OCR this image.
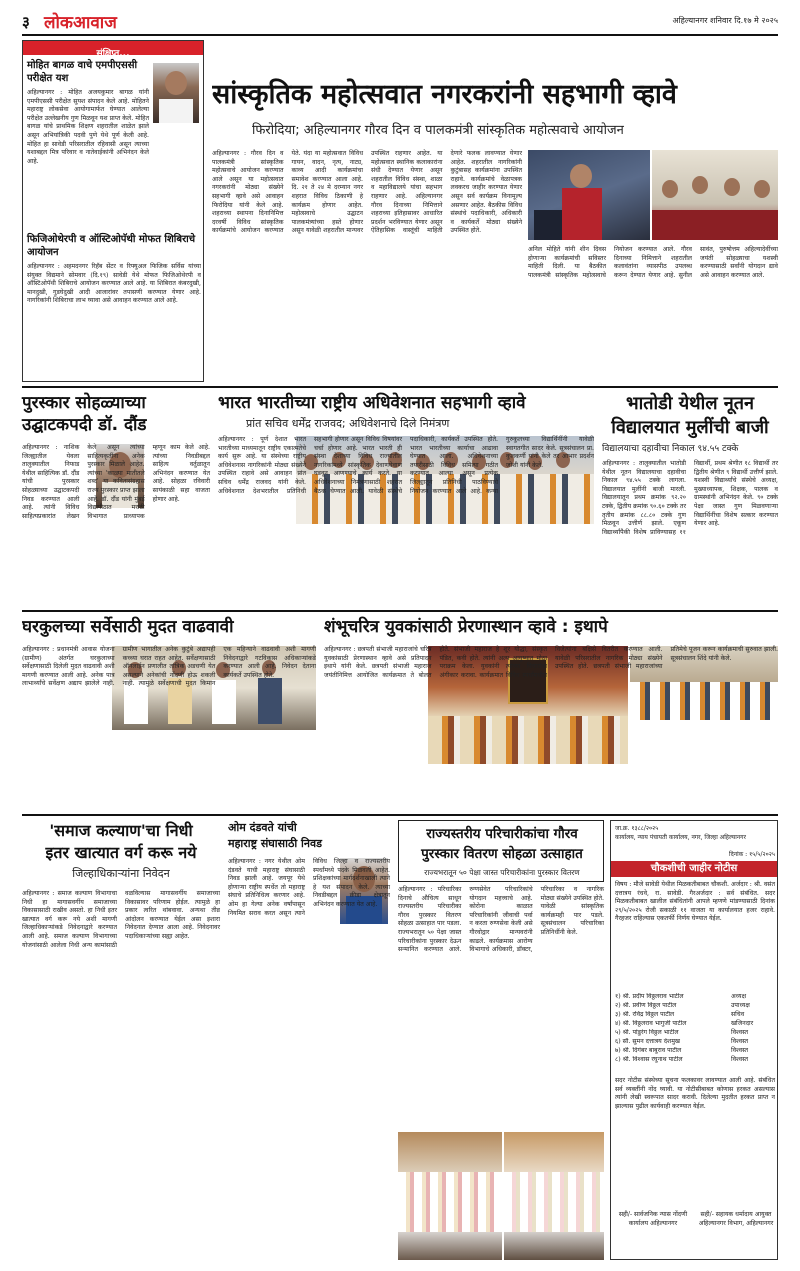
३ लोकआवाज	अहिल्यानगर शनिवार दि.१७ मे २०२५
संक्षिप्त...
मोहित बागळ वाचे एमपीएससी परीक्षेत यश
अहिल्यानगर : मोहित अजयकुमार बागळ यांनी एमपीएससी परीक्षेत सुयश संपादन केले आहे. मोहितने महाराष्ट्र लोकसेवा आयोगामार्फत घेण्यात आलेल्या परीक्षेत उल्लेखनीय गुण मिळवून यश प्राप्त केले. मोहित बागळ यांचे प्राथमिक शिक्षण शहरातील शाळेत झाले असून अभियांत्रिकी पदवी पुणे येथे पूर्ण केली आहे. मोहित हा सावेडी परिसरातील रहिवासी असून त्याच्या यशाबद्दल मित्र परिवार व नातेवाईकांनी अभिनंदन केले आहे.
फिजिओथेरपी व ऑस्टिओपॅथी मोफत शिबिराचे आयोजन
अहिल्यानगर : अहमदनगर रिहॅब सेंटर व रिफ्युअल फिजिक सर्विस यांच्या संयुक्त विद्यमाने सोमवार (दि.१९) सावेडी येथे मोफत फिजिओथेरपी व ऑस्टिओपॅथी शिबिराचे आयोजन करण्यात आले आहे. या शिबिरात कंबरदुखी, मानदुखी, गुडघेदुखी आदी आजारांवर तपासणी करण्यात येणार आहे. नागरिकांनी शिबिराचा लाभ घ्यावा असे आवाहन करण्यात आले आहे.
सांस्कृतिक महोत्सवात नगरकरांनी सहभागी व्हावे
फिरोदिया; अहिल्यानगर गौरव दिन व पालकमंत्री सांस्कृतिक महोत्सवाचे आयोजन
अहिल्यानगर : गौरव दिन व पालकमंत्री सांस्कृतिक महोत्सवाचे आयोजन करण्यात आले असून या महोत्सवात नगरकरांनी मोठ्या संख्येने सहभागी व्हावे असे आवाहन फिरोदिया यांनी केले आहे. शहराच्या स्थापना दिनानिमित्त दरवर्षी विविध सांस्कृतिक कार्यक्रमांचे आयोजन करण्यात येते. यंदा या महोत्सवात विविध गायन, वादन, नृत्य, नाट्य, काव्य आदी कार्यक्रमांचा समावेश करण्यात आला आहे. दि. २१ ते २४ मे दरम्यान नगर शहरात विविध ठिकाणी हे कार्यक्रम होणार आहेत. महोत्सवाचे उद्घाटन पालकमंत्र्यांच्या हस्ते होणार असून यावेळी शहरातील मान्यवर उपस्थित राहणार आहेत. या महोत्सवात स्थानिक कलाकारांना संधी देण्यात येणार असून शहरातील विविध संस्था, शाळा व महाविद्यालये यांचा सहभाग राहणार आहे. अहिल्यानगर गौरव दिनाच्या निमित्ताने शहराच्या इतिहासावर आधारित प्रदर्शन भरविण्यात येणार असून ऐतिहासिक वास्तूंची माहिती देणारे फलक लावण्यात येणार आहेत. शहरातील नागरिकांनी कुटुंबासह कार्यक्रमांना उपस्थित राहावे. कार्यक्रमांचे वेळापत्रक लवकरच जाहीर करण्यात येणार असून सर्व कार्यक्रम विनामूल्य असणार आहेत. बैठकीस विविध संस्थांचे पदाधिकारी, अधिकारी व कार्यकर्ते मोठ्या संख्येने उपस्थित होते.
अनिल मोहिते यांनी शीन दिवस होणाऱ्या कार्यक्रमांची सविस्तर माहिती दिली. या बैठकीत पालकमंत्री सांस्कृतिक महोत्सवाचे नियोजन करण्यात आले. गौरव दिनाच्या निमित्ताने शहरातील कलावंतांना व्यासपीठ उपलब्ध करून देण्यात येणार आहे. सुनील सावंत, पुरुषोत्तम अहिल्यादेवींच्या जयंती सोहळ्याचा यशस्वी करण्यासाठी सर्वांनी योगदान द्यावे असे आवाहन करण्यात आले.
पुरस्कार सोहळ्याच्या
उद्घाटकपदी डॉ. दौंड
अहिल्यानगर : नाशिक जिल्ह्यातील येवला तालुक्यातील निफाड येथील साहित्यिक डॉ. दौंड यांची पुरस्कार सोहळ्याच्या उद्घाटकपदी निवड करण्यात आली आहे. त्यांनी विविध साहित्यप्रकारांत लेखन केले असून त्यांच्या साहित्यकृतींना अनेक पुरस्कार मिळाले आहेत. त्यांच्या 'काळ्या मातीतले शब्द' या कवितासंग्रहास राज्य पुरस्कार प्राप्त झाला आहे. डॉ. दौंड यांनी मुंबई विद्यापीठात मराठी विभागात प्राध्यापक म्हणून काम केले आहे. त्यांच्या निवडीबद्दल साहित्य वर्तुळातून अभिनंदन करण्यात येत आहे. सोहळा रविवारी सायंकाळी सहा वाजता होणार आहे.
भारत भारतीच्या राष्ट्रीय अधिवेशनात सहभागी व्हावे
प्रांत सचिव धर्मेंद्र राजवद; अधिवेशनाचे दिले निमंत्रण
अहिल्यानगर : पूर्ण देशात भारत भारतीच्या माध्यमातून राष्ट्रीय एकात्मतेचे कार्य सुरू आहे. या संस्थेच्या राष्ट्रीय अधिवेशनास नागरिकांनी मोठ्या संख्येने उपस्थित राहावे असे आवाहन प्रांत सचिव धर्मेंद्र राजवद यांनी केले. अधिवेशनात देशभरातील प्रतिनिधी सहभागी होणार असून विविध विषयांवर चर्चा होणार आहे. भारत भारती ही संस्था देशाच्या विविध राज्यांतील नागरिकांमध्ये सांस्कृतिक देवाणघेवाण घडवून आणण्याचे कार्य करते. या अधिवेशनाच्या निमंत्रणासाठी शहरात बैठक घेण्यात आली. यावेळी संस्थेचे पदाधिकारी, कार्यकर्ते उपस्थित होते. भारत भारतीच्या कार्याचा आढावा घेण्यात आला. अधिवेशनाच्या तयारीसाठी विविध समित्या गठीत करण्यात आल्या असून प्रत्येक जिल्ह्यातून प्रतिनिधी पाठविण्याचे नियोजन करण्यात आले आहे. कन्या गुरुकुलच्या विद्यार्थिनींनी यावेळी स्वागतगीत सादर केले. सूत्रसंचालन प्रा. कुलकर्णी यांनी केले तर आभार प्रदर्शन जोशी यांनी केले.
भातोडी येथील नूतन
विद्यालयात मुलींची बाजी
विद्यालयाचा दहावीचा निकाल ९४.५५ टक्के
अहिल्यानगर : तालुक्यातील भातोडी येथील नूतन विद्यालयाचा दहावीचा निकाल ९४.५५ टक्के लागला. विद्यालयात मुलींनी बाजी मारली. विद्यालयातून प्रथम क्रमांक ९२.२० टक्के, द्वितीय क्रमांक ९०.६० टक्के तर तृतीय क्रमांक ८८.८० टक्के गुण मिळवून उत्तीर्ण झाले. एकूण विद्यार्थ्यांपैकी विशेष प्राविण्यासह ११ विद्यार्थी, प्रथम श्रेणीत १८ विद्यार्थी तर द्वितीय श्रेणीत ९ विद्यार्थी उत्तीर्ण झाले. यशस्वी विद्यार्थ्यांचे संस्थेचे अध्यक्ष, मुख्याध्यापक, शिक्षक, पालक व ग्रामस्थांनी अभिनंदन केले. ९० टक्के पेक्षा जास्त गुण मिळवणाऱ्या विद्यार्थिनींचा विशेष सत्कार करण्यात येणार आहे.
घरकुलच्या सर्वेसाठी मुदत वाढवावी
अहिल्यानगर : प्रधानमंत्री आवास योजना (ग्रामीण) अंतर्गत घरकुलाच्या सर्वेक्षणासाठी दिलेली मुदत वाढवावी अशी मागणी करण्यात आली आहे. अनेक पात्र लाभार्थ्यांचे सर्वेक्षण अद्याप झालेले नाही. ग्रामीण भागातील अनेक कुटुंबे अद्यापही कच्च्या घरात राहत आहेत. सर्वेक्षणासाठी ऑनलाईन प्रणालीत तांत्रिक अडचणी येत असल्याने अनेकांची नोंदणी होऊ शकली नाही. त्यामुळे सर्वेक्षणाची मुदत किमान एक महिन्याने वाढवावी अशी मागणी निवेदनाद्वारे गटविकास अधिकाऱ्यांकडे करण्यात आली आहे. निवेदन देताना कार्यकर्ते उपस्थित होते.
शंभूचरित्र युवकांसाठी प्रेरणास्थान व्हावे : इथापे
अहिल्यानगर : छत्रपती संभाजी महाराजांचे चरित्र युवकांसाठी प्रेरणास्थान व्हावे असे प्रतिपादन इथापे यांनी केले. छत्रपती संभाजी महाराज जयंतीनिमित्त आयोजित कार्यक्रमात ते बोलत होते. संभाजी महाराज हे शूर योद्धा, संस्कृत पंडित, कवी होते. त्यांनी अल्प आयुष्यात मोठा पराक्रम केला. युवकांनी त्यांच्या विचारांचा अंगीकार करावा. कार्यक्रमात विविध स्पर्धांमधील विजेत्यांना बक्षिसे वितरीत करण्यात आली. यावेळी परिसरातील नागरिक मोठ्या संख्येने उपस्थित होते. छत्रपती संभाजी महाराजांच्या प्रतिमेचे पूजन करून कार्यक्रमाची सुरुवात झाली. सूत्रसंचालन शिंदे यांनी केले.
'समाज कल्याण'चा निधी
इतर खात्यात वर्ग करू नये
जिल्हाधिकाऱ्यांना निवेदन
अहिल्यानगर : समाज कल्याण विभागाचा निधी हा मागासवर्गीय समाजाच्या विकासासाठी राखीव असतो. हा निधी इतर खात्यात वर्ग करू नये अशी मागणी जिल्हाधिकाऱ्यांकडे निवेदनाद्वारे करण्यात आली आहे. समाज कल्याण विभागाच्या योजनांसाठी आलेला निधी अन्य कामांसाठी वळविल्यास मागासवर्गीय समाजाच्या विकासावर परिणाम होईल. त्यामुळे हा प्रकार त्वरित थांबवावा. अन्यथा तीव्र आंदोलन करण्यात येईल असा इशारा निवेदनात देण्यात आला आहे. निवेदनावर पदाधिकाऱ्यांच्या सह्या आहेत.
ओम दंडवते यांची
महाराष्ट्र संघासाठी निवड
अहिल्यानगर : नगर येथील ओम दंडवते याची महाराष्ट्र संघासाठी निवड झाली आहे. जयपूर येथे होणाऱ्या राष्ट्रीय स्पर्धेत तो महाराष्ट्र संघाचे प्रतिनिधित्व करणार आहे. ओम हा गेल्या अनेक वर्षांपासून नियमित सराव करत असून त्याने विविध जिल्हा व राज्यस्तरीय स्पर्धांमध्ये पदके मिळवली आहेत. प्रशिक्षकांच्या मार्गदर्शनाखाली त्याने हे यश संपादन केले. त्याच्या निवडीबद्दल क्रीडा क्षेत्रातून अभिनंदन करण्यात येत आहे.
राज्यस्तरीय परिचारीकांचा गौरव
पुरस्कार वितरण सोहळा उत्साहात
राज्यभरातून ५० पेक्षा जास्त परिचारीकांना पुरस्कार वितरण
अहिल्यानगर : परिचारिका दिनाचे औचित्य साधून राज्यस्तरीय परिचारीका गौरव पुरस्कार वितरण सोहळा उत्साहात पार पडला. राज्यभरातून ५० पेक्षा जास्त परिचारीकांना पुरस्कार देऊन सन्मानित करण्यात आले. रुग्णसेवेत परिचारिकांचे योगदान महत्त्वाचे आहे. कोरोना काळात परिचारिकांनी जीवाची पर्वा न करता रुग्णसेवा केली असे गौरवोद्गार मान्यवरांनी काढले. कार्यक्रमास आरोग्य विभागाचे अधिकारी, डॉक्टर, परिचारिका व नागरिक मोठ्या संख्येने उपस्थित होते. यावेळी सांस्कृतिक कार्यक्रमही पार पडले. सूत्रसंचालन परिचारिका प्रतिनिधींनी केले.
जा.क्र. १३८८/२०२५
कार्यालय, न्याय पंचायती कार्यालय, नगर, जिल्हा अहिल्यानगर
दिनांक : १५/५/२०२५
चौकशीची जाहीर नोटीस
विषय : मौजे सावेडी येथील मिळकतीबाबत चौकशी. अर्जदार : श्री. वसंत दत्तात्रय रंधवे, रा. सावेडी. गैरअर्जदार : सर्व संबंधित. सदर मिळकतीबाबत खालील संबंधितांनी आपले म्हणणे मांडण्यासाठी दिनांक २९/५/२०२५ रोजी सकाळी ११ वाजता या कार्यालयात हजर राहावे. गैरहजर राहिल्यास एकतर्फी निर्णय घेण्यात येईल.
१) श्री. प्रदीप विठ्ठलराव भाटील	अध्यक्ष
२) श्री. प्रवीण विठ्ठल पाटील	उपाध्यक्ष
३) श्री. रविंद्र विठ्ठल पाटील	सचिव
४) श्री. विठ्ठलराव भागुजी पाटील	खजिनदार
५) श्री. पांडुरंग विठ्ठल भाटील	विश्वस्त
६) सौ. सुमन दत्तात्रय देशमुख	विश्वस्त
७) श्री. दिगंबर बाबुराव पाटील	विश्वस्त
८) श्री. विश्वास रघुनाथ पाटील	विश्वस्त
सदर नोटीस संस्थेच्या सूचना फलकावर लावण्यात आली आहे. संबंधित सर्व व्यक्तींनी नोंद घ्यावी. या नोटीसीबाबत कोणास हरकत असल्यास त्यांनी लेखी स्वरूपात सादर करावी. दिलेल्या मुदतीत हरकत प्राप्त न झाल्यास पुढील कार्यवाही करण्यात येईल.
सही/- सार्वजनिक न्यास नोंदणी कार्यालय अहिल्यानगर
सही/- सहायक धर्मादाय आयुक्त अहिल्यानगर विभाग, अहिल्यानगर
